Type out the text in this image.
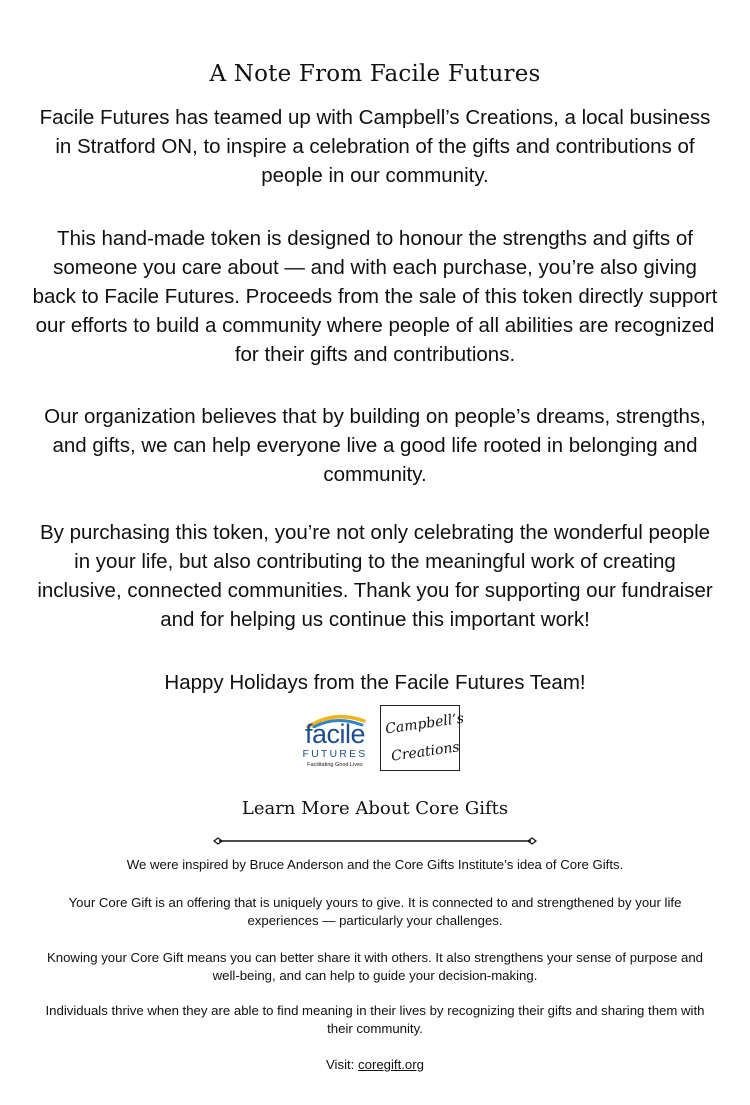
A Note From Facile Futures

Facile Futures has teamed up with Campbell’s Creations, a local business in Stratford ON, to inspire a celebration of the gifts and contributions of people in our community.

This hand-made token is designed to honour the strengths and gifts of someone you care about — and with each purchase, you’re also giving back to Facile Futures. Proceeds from the sale of this token directly support our efforts to build a community where people of all abilities are recognized for their gifts and contributions.

Our organization believes that by building on people’s dreams, strengths, and gifts, we can help everyone live a good life rooted in belonging and community.

By purchasing this token, you’re not only celebrating the wonderful people in your life, but also contributing to the meaningful work of creating inclusive, connected communities. Thank you for supporting our fundraiser and for helping us continue this important work!

Happy Holidays from the Facile Futures Team!

facile
FUTURES
Facilitating Good Lives
Campbell’s
Creations
Learn More About Core Gifts

We were inspired by Bruce Anderson and the Core Gifts Institute’s idea of Core Gifts.

Your Core Gift is an offering that is uniquely yours to give. It is connected to and strengthened by your life experiences — particularly your challenges.

Knowing your Core Gift means you can better share it with others. It also strengthens your sense of purpose and well-being, and can help to guide your decision-making.

Individuals thrive when they are able to find meaning in their lives by recognizing their gifts and sharing them with their community.

Visit: coregift.org
